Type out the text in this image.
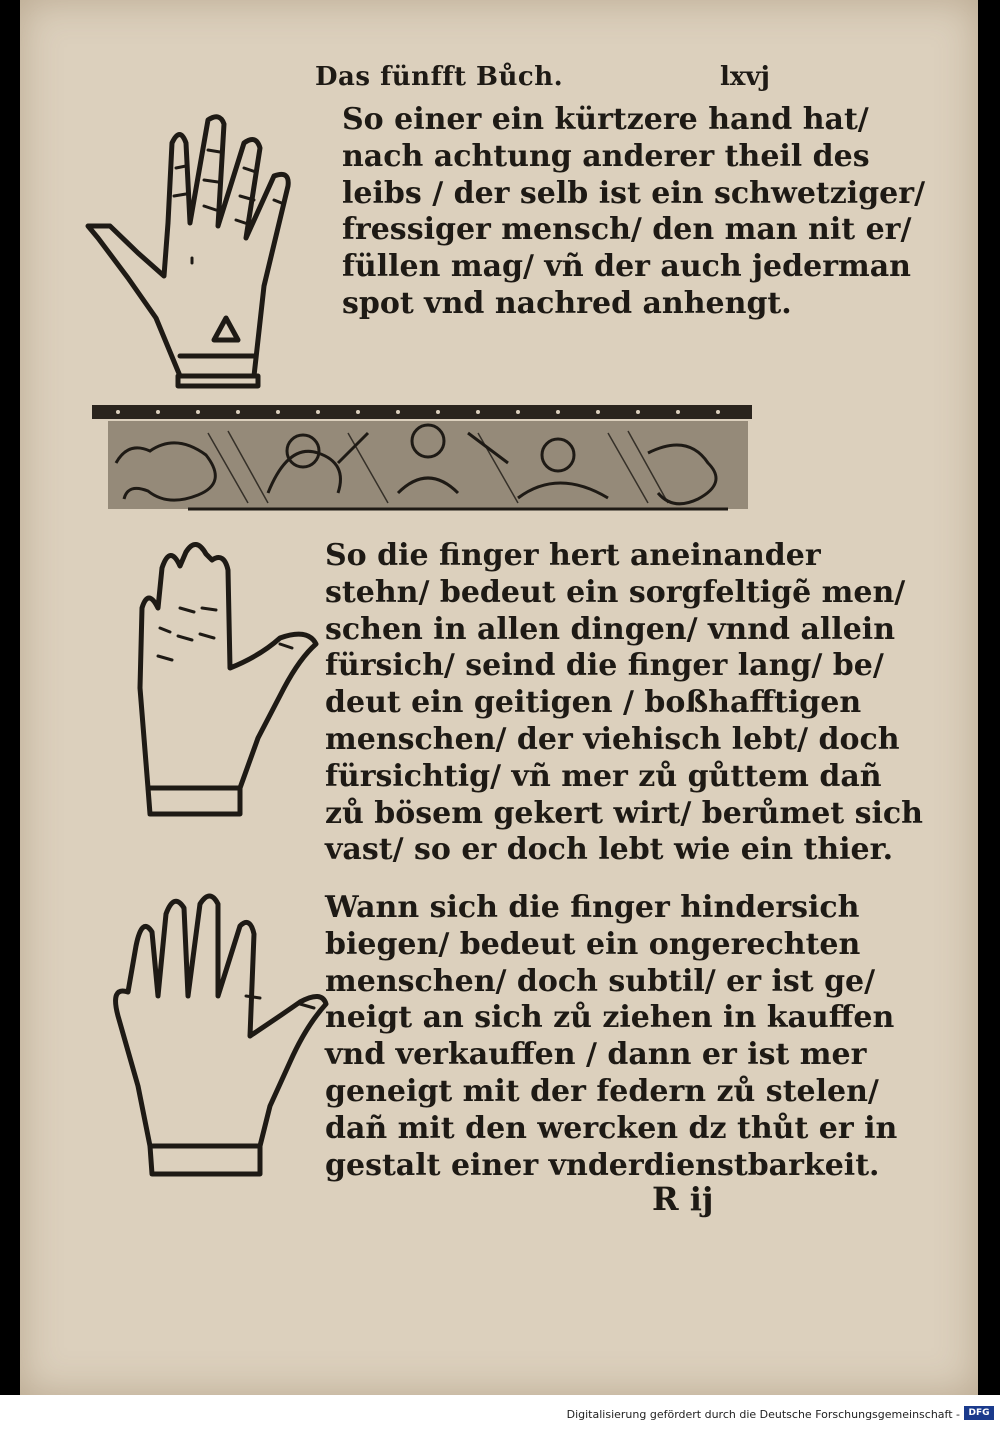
Das fünfft Bůch.	lxvj
So einer ein kürtzere hand hat/
nach achtung anderer theil des
leibs / der selb ist ein schwetziger/
fressiger mensch/ den man nit er/
füllen mag/ vñ der auch jederman
spot vnd nachred anhengt.
So die finger hert aneinander
stehn/ bedeut ein sorgfeltigẽ men/
schen in allen dingen/ vnnd allein
fürsich/ seind die finger lang/ be/
deut ein geitigen / boßhafftigen
menschen/ der viehisch lebt/ doch
fürsichtig/ vñ mer zů gůttem dañ
zů bösem gekert wirt/ berůmet sich
vast/ so er doch lebt wie ein thier.
Wann sich die finger hindersich
biegen/ bedeut ein ongerechten
menschen/ doch subtil/ er ist ge/
neigt an sich zů ziehen in kauffen
vnd verkauffen / dann er ist mer
geneigt mit der federn zů stelen/
dañ mit den wercken dz thůt er in
gestalt einer vnderdienstbarkeit.
R ij
Digitalisierung gefördert durch die Deutsche Forschungsgemeinschaft - DFG
